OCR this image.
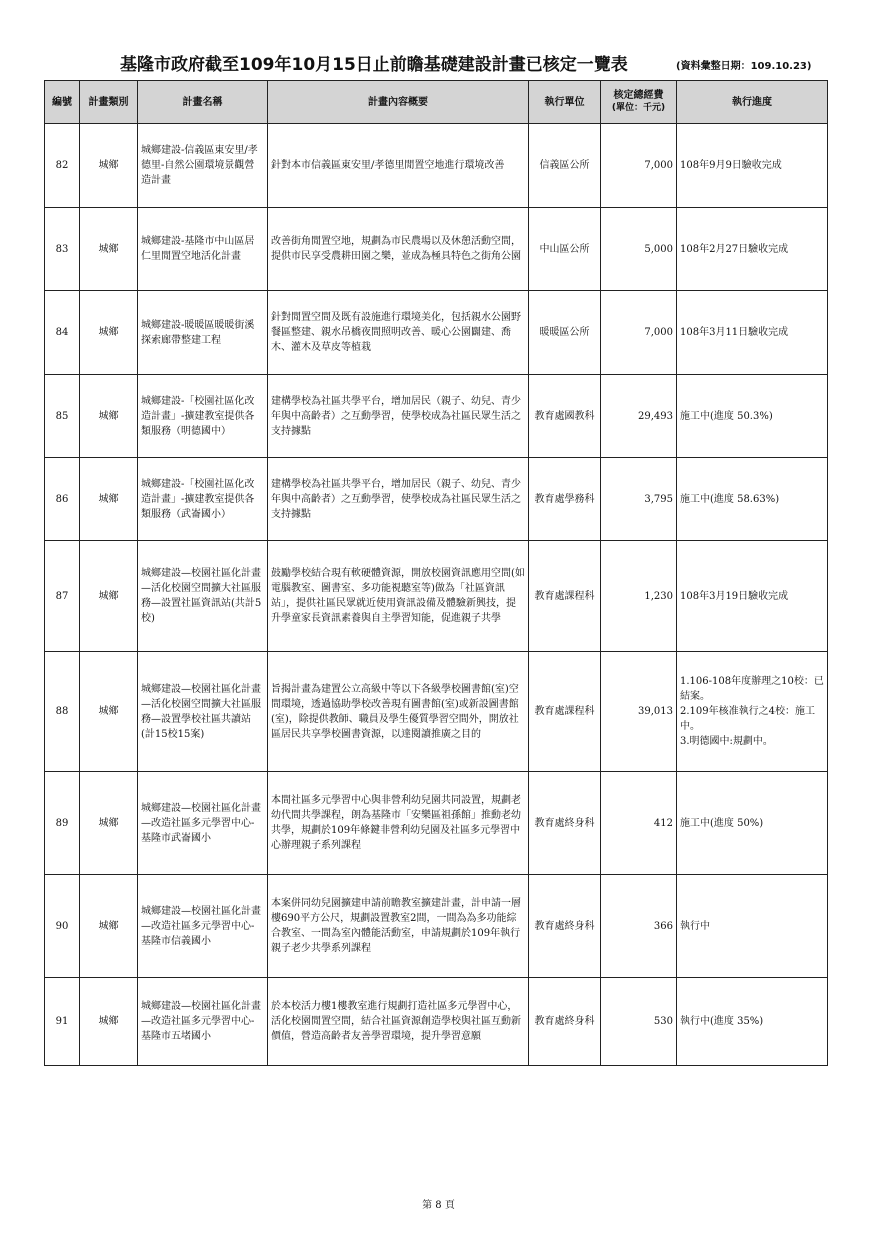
基隆市政府截至109年10月15日止前瞻基礎建設計畫已核定一覽表	(資料彙整日期：109.10.23)
編號	計畫類別	計畫名稱	計畫內容概要	執行單位	核定總經費
(單位：千元)	執行進度
82	城鄉	城鄉建設-信義區東安里/孝德里-自然公園環境景觀營造計畫	針對本市信義區東安里/孝德里閒置空地進行環境改善	信義區公所	7,000	108年9月9日驗收完成
83	城鄉	城鄉建設-基隆市中山區居仁里閒置空地活化計畫	改善街角閒置空地，規劃為市民農場以及休憩活動空間，提供市民享受農耕田園之樂，並成為極具特色之街角公園	中山區公所	5,000	108年2月27日驗收完成
84	城鄉	城鄉建設-暖暖區暖暖街溪探索廊帶整建工程	針對閒置空間及既有設施進行環境美化，包括親水公園野餐區整建、親水吊橋夜間照明改善、暖心公園闢建、喬木、灌木及草皮等植栽	暖暖區公所	7,000	108年3月11日驗收完成
85	城鄉	城鄉建設-「校園社區化改造計畫」-擴建教室提供各類服務（明德國中）	建構學校為社區共學平台，增加居民（親子、幼兒、青少年與中高齡者）之互動學習，使學校成為社區民眾生活之支持據點	教育處國教科	29,493	施工中(進度 50.3%)
86	城鄉	城鄉建設-「校園社區化改造計畫」-擴建教室提供各類服務（武崙國小）	建構學校為社區共學平台，增加居民（親子、幼兒、青少年與中高齡者）之互動學習，使學校成為社區民眾生活之支持據點	教育處學務科	3,795	施工中(進度 58.63%)
87	城鄉	城鄉建設—校園社區化計畫—活化校園空間擴大社區服務—設置社區資訊站(共計5校)	鼓勵學校結合現有軟硬體資源，開放校園資訊應用空間(如電腦教室、圖書室、多功能視聽室等)做為「社區資訊站」，提供社區民眾就近使用資訊設備及體驗新興技，提升學童家長資訊素養與自主學習知能，促進親子共學	教育處課程科	1,230	108年3月19日驗收完成
88	城鄉	城鄉建設—校園社區化計畫—活化校園空間擴大社區服務—設置學校社區共讀站(計15校15案)	旨揭計畫為建置公立高級中等以下各級學校圖書館(室)空間環境，透過協助學校改善現有圖書館(室)或新設圖書館(室)，除提供教師、職員及學生優質學習空間外，開放社區居民共享學校圖書資源，以達閱讀推廣之目的	教育處課程科	39,013	1.106-108年度辦理之10校：已結案。
2.109年核准執行之4校：施工中。
3.明德國中:規劃中。
89	城鄉	城鄉建設—校園社區化計畫—改造社區多元學習中心-基隆市武崙國小	本間社區多元學習中心與非營利幼兒園共同設置，規劃老幼代間共學課程，朗為基隆市「安樂區祖孫館」推動老幼共學，規劃於109年條鍵非營利幼兒園及社區多元學習中心辦理親子系列課程	教育處終身科	412	施工中(進度 50%)
90	城鄉	城鄉建設—校園社區化計畫—改造社區多元學習中心-基隆市信義國小	本案併同幼兒園擴建申請前瞻教室擴建計畫，計申請一層樓690平方公尺，規劃設置教室2間，一間為為多功能綜合教室、一間為室內體能活動室，申請規劃於109年執行親子老少共學系列課程	教育處終身科	366	執行中
91	城鄉	城鄉建設—校園社區化計畫—改造社區多元學習中心-基隆市五堵國小	於本校活力樓1樓教室進行規劃打造社區多元學習中心，活化校園閒置空間，結合社區資源創造學校與社區互動新價值，營造高齡者友善學習環境，提升學習意願	教育處終身科	530	執行中(進度 35%)
第 8 頁
